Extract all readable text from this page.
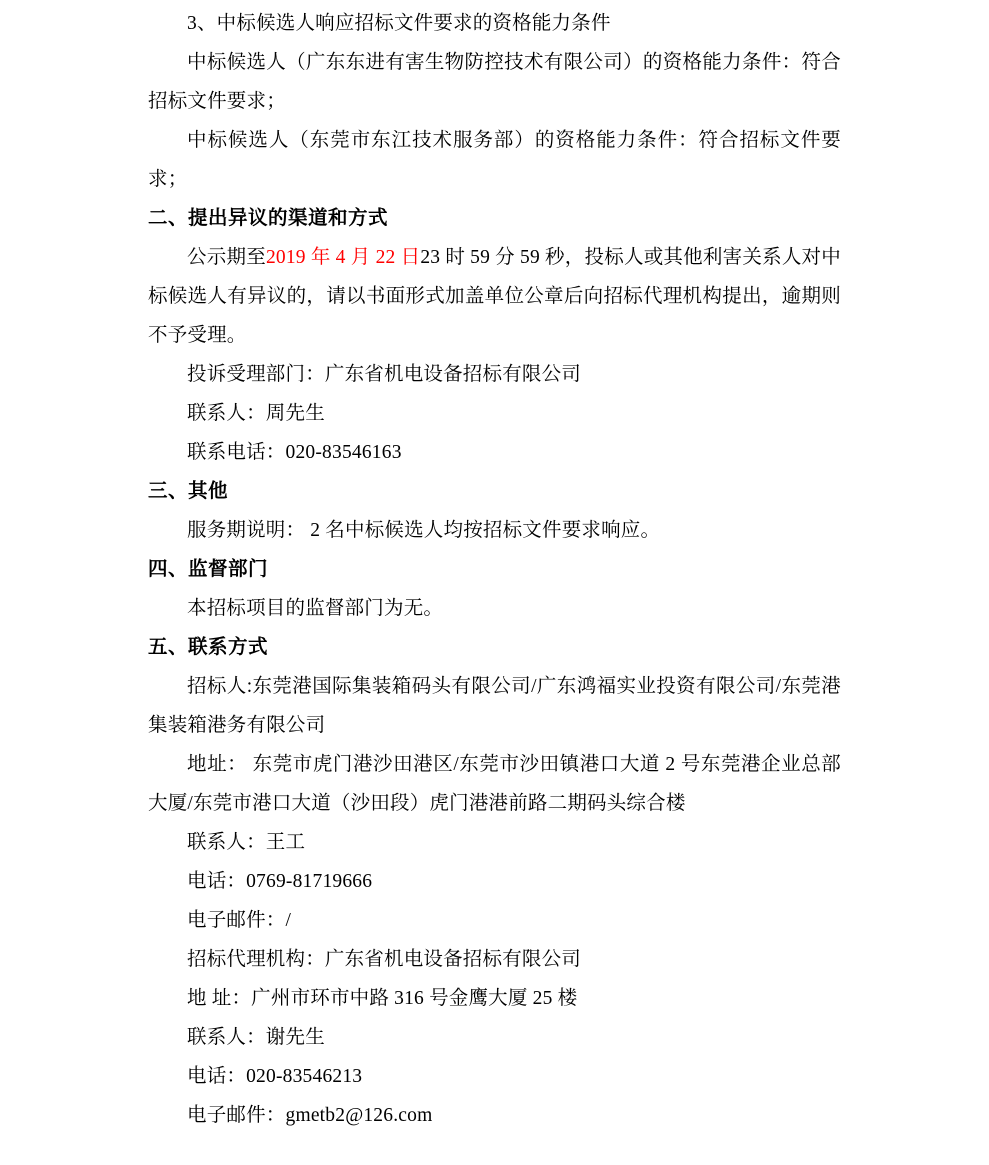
3、中标候选人响应招标文件要求的资格能力条件

中标候选人（广东东进有害生物防控技术有限公司）的资格能力条件：符合招标文件要求；

中标候选人（东莞市东江技术服务部）的资格能力条件：符合招标文件要求；

二、提出异议的渠道和方式

公示期至2019 年 4 月 22 日23 时 59 分 59 秒，投标人或其他利害关系人对中标候选人有异议的，请以书面形式加盖单位公章后向招标代理机构提出，逾期则不予受理。

投诉受理部门：广东省机电设备招标有限公司

联系人：周先生

联系电话：020-83546163

三、其他

服务期说明： 2 名中标候选人均按招标文件要求响应。

四、监督部门

本招标项目的监督部门为无。

五、联系方式

招标人:东莞港国际集装箱码头有限公司/广东鸿福实业投资有限公司/东莞港集装箱港务有限公司

地址： 东莞市虎门港沙田港区/东莞市沙田镇港口大道 2 号东莞港企业总部大厦/东莞市港口大道（沙田段）虎门港港前路二期码头综合楼

联系人：王工

电话：0769-81719666

电子邮件：/

招标代理机构：广东省机电设备招标有限公司

地 址：广州市环市中路 316 号金鹰大厦 25 楼

联系人：谢先生

电话：020-83546213

电子邮件：gmetb2@126.com
